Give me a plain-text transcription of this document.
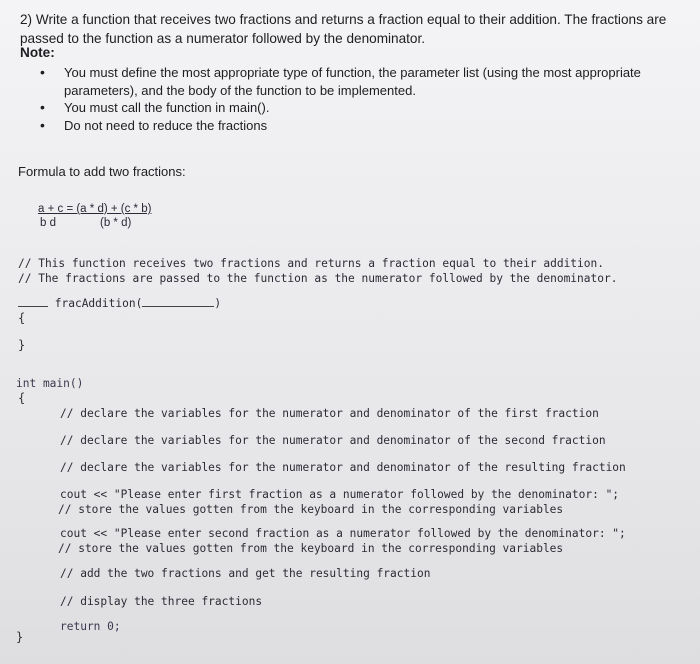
2) Write a function that receives two fractions and returns a fraction equal to their addition. The fractions are passed to the function as a numerator followed by the denominator.
Note:
• You must define the most appropriate type of function, the parameter list (using the most appropriate
parameters), and the body of the function to be implemented.
• You must call the function in main().
• Do not need to reduce the fractions
Formula to add two fractions:
a + c = (a * d) + (c * b)
b d	(b * d)
// This function receives two fractions and returns a fraction equal to their addition.
// The fractions are passed to the function as the numerator followed by the denominator.
fracAddition(	)
{
}
int main()
{
// declare the variables for the numerator and denominator of the first fraction
// declare the variables for the numerator and denominator of the second fraction
// declare the variables for the numerator and denominator of the resulting fraction
cout << "Please enter first fraction as a numerator followed by the denominator: ";
// store the values gotten from the keyboard in the corresponding variables
cout << "Please enter second fraction as a numerator followed by the denominator: ";
// store the values gotten from the keyboard in the corresponding variables
// add the two fractions and get the resulting fraction
// display the three fractions
return 0;
}
